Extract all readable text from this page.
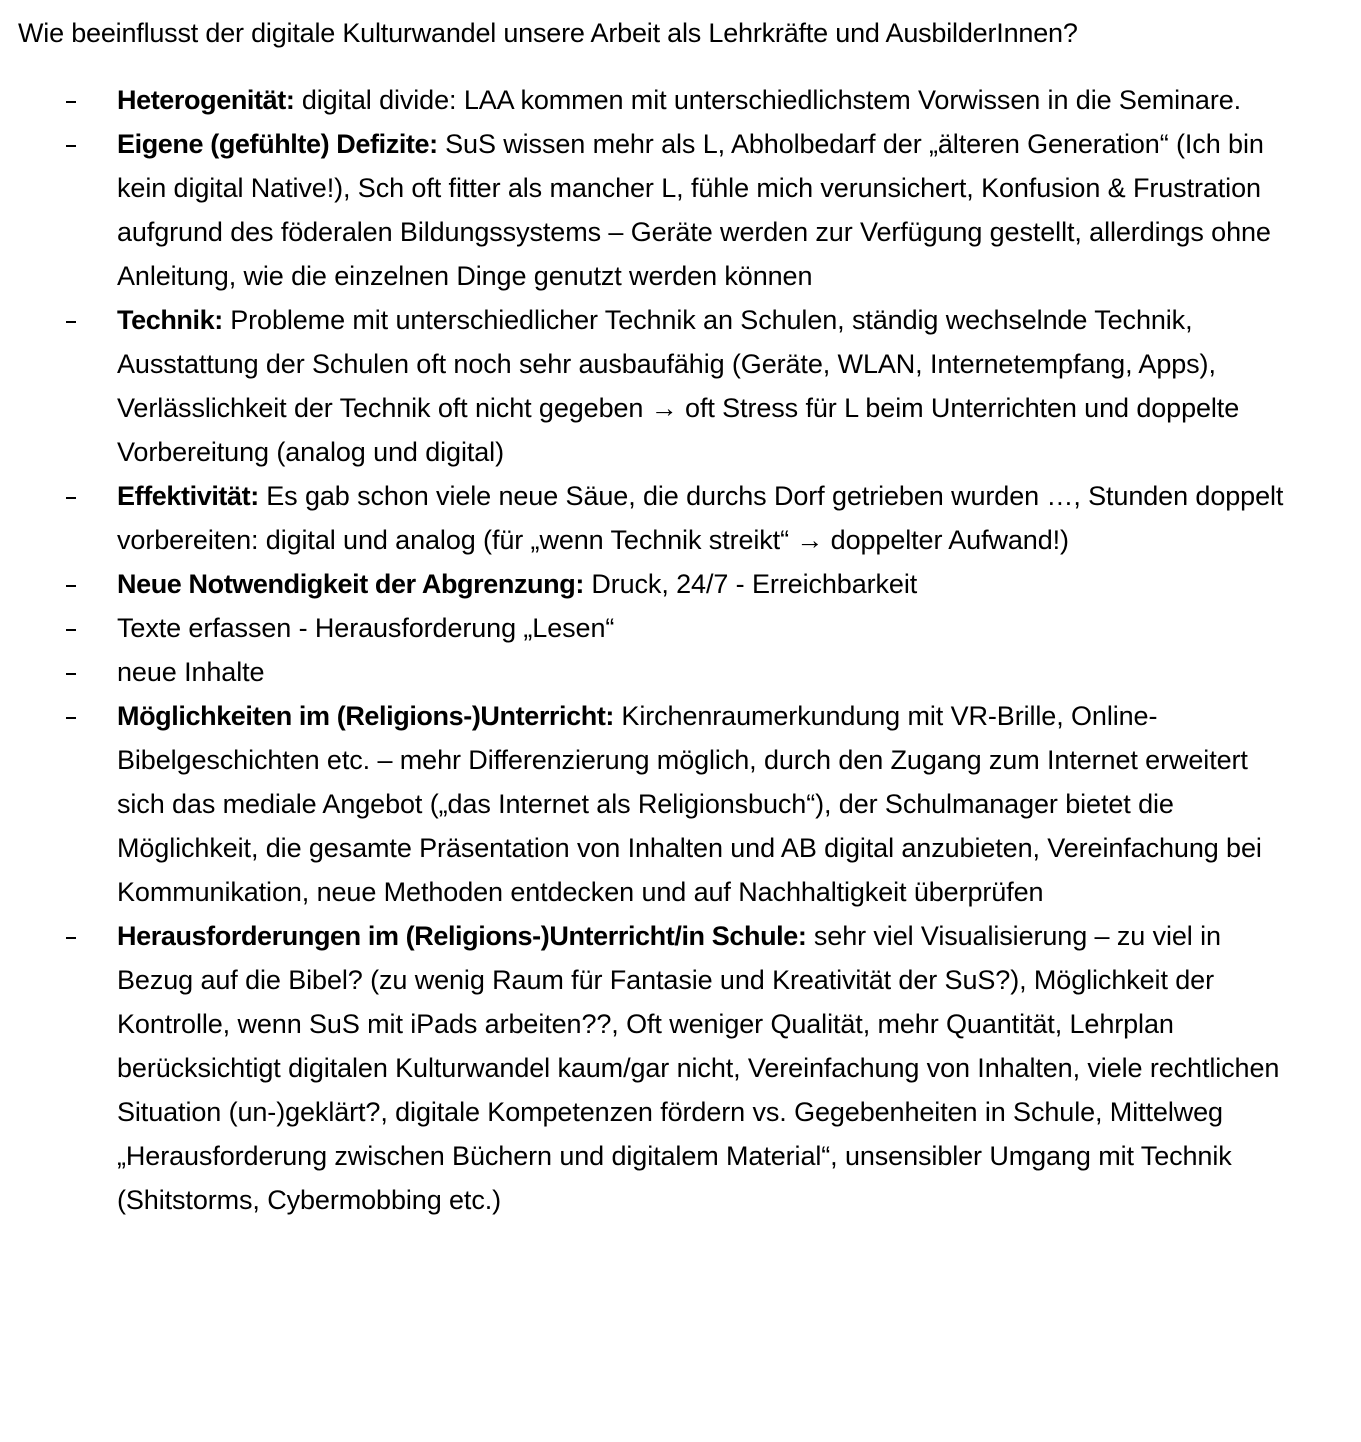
Wie beeinflusst der digitale Kulturwandel unsere Arbeit als Lehrkräfte und AusbilderInnen?
Heterogenität: digital divide: LAA kommen mit unterschiedlichstem Vorwissen in die Seminare.
Eigene (gefühlte) Defizite: SuS wissen mehr als L, Abholbedarf der „älteren Generation“ (Ich bin kein digital Native!), Sch oft fitter als mancher L, fühle mich verunsichert, Konfusion & Frustration aufgrund des föderalen Bildungssystems – Geräte werden zur Verfügung gestellt, allerdings ohne Anleitung, wie die einzelnen Dinge genutzt werden können
Technik: Probleme mit unterschiedlicher Technik an Schulen, ständig wechselnde Technik, Ausstattung der Schulen oft noch sehr ausbaufähig (Geräte, WLAN, Internetempfang, Apps), Verlässlichkeit der Technik oft nicht gegeben → oft Stress für L beim Unterrichten und doppelte Vorbereitung (analog und digital)
Effektivität: Es gab schon viele neue Säue, die durchs Dorf getrieben wurden …, Stunden doppelt vorbereiten: digital und analog (für „wenn Technik streikt“ → doppelter Aufwand!)
Neue Notwendigkeit der Abgrenzung: Druck, 24/7 - Erreichbarkeit
Texte erfassen - Herausforderung „Lesen“
neue Inhalte
Möglichkeiten im (Religions-)Unterricht: Kirchenraumerkundung mit VR-Brille, Online-Bibelgeschichten etc. – mehr Differenzierung möglich, durch den Zugang zum Internet erweitert sich das mediale Angebot („das Internet als Religionsbuch“), der Schulmanager bietet die Möglichkeit, die gesamte Präsentation von Inhalten und AB digital anzubieten, Vereinfachung bei Kommunikation, neue Methoden entdecken und auf Nachhaltigkeit überprüfen
Herausforderungen im (Religions-)Unterricht/in Schule: sehr viel Visualisierung – zu viel in Bezug auf die Bibel? (zu wenig Raum für Fantasie und Kreativität der SuS?), Möglichkeit der Kontrolle, wenn SuS mit iPads arbeiten??, Oft weniger Qualität, mehr Quantität, Lehrplan berücksichtigt digitalen Kulturwandel kaum/gar nicht, Vereinfachung von Inhalten, viele rechtlichen Situation (un-)geklärt?, digitale Kompetenzen fördern vs. Gegebenheiten in Schule, Mittelweg „Herausforderung zwischen Büchern und digitalem Material“, unsensibler Umgang mit Technik (Shitstorms, Cybermobbing etc.)
